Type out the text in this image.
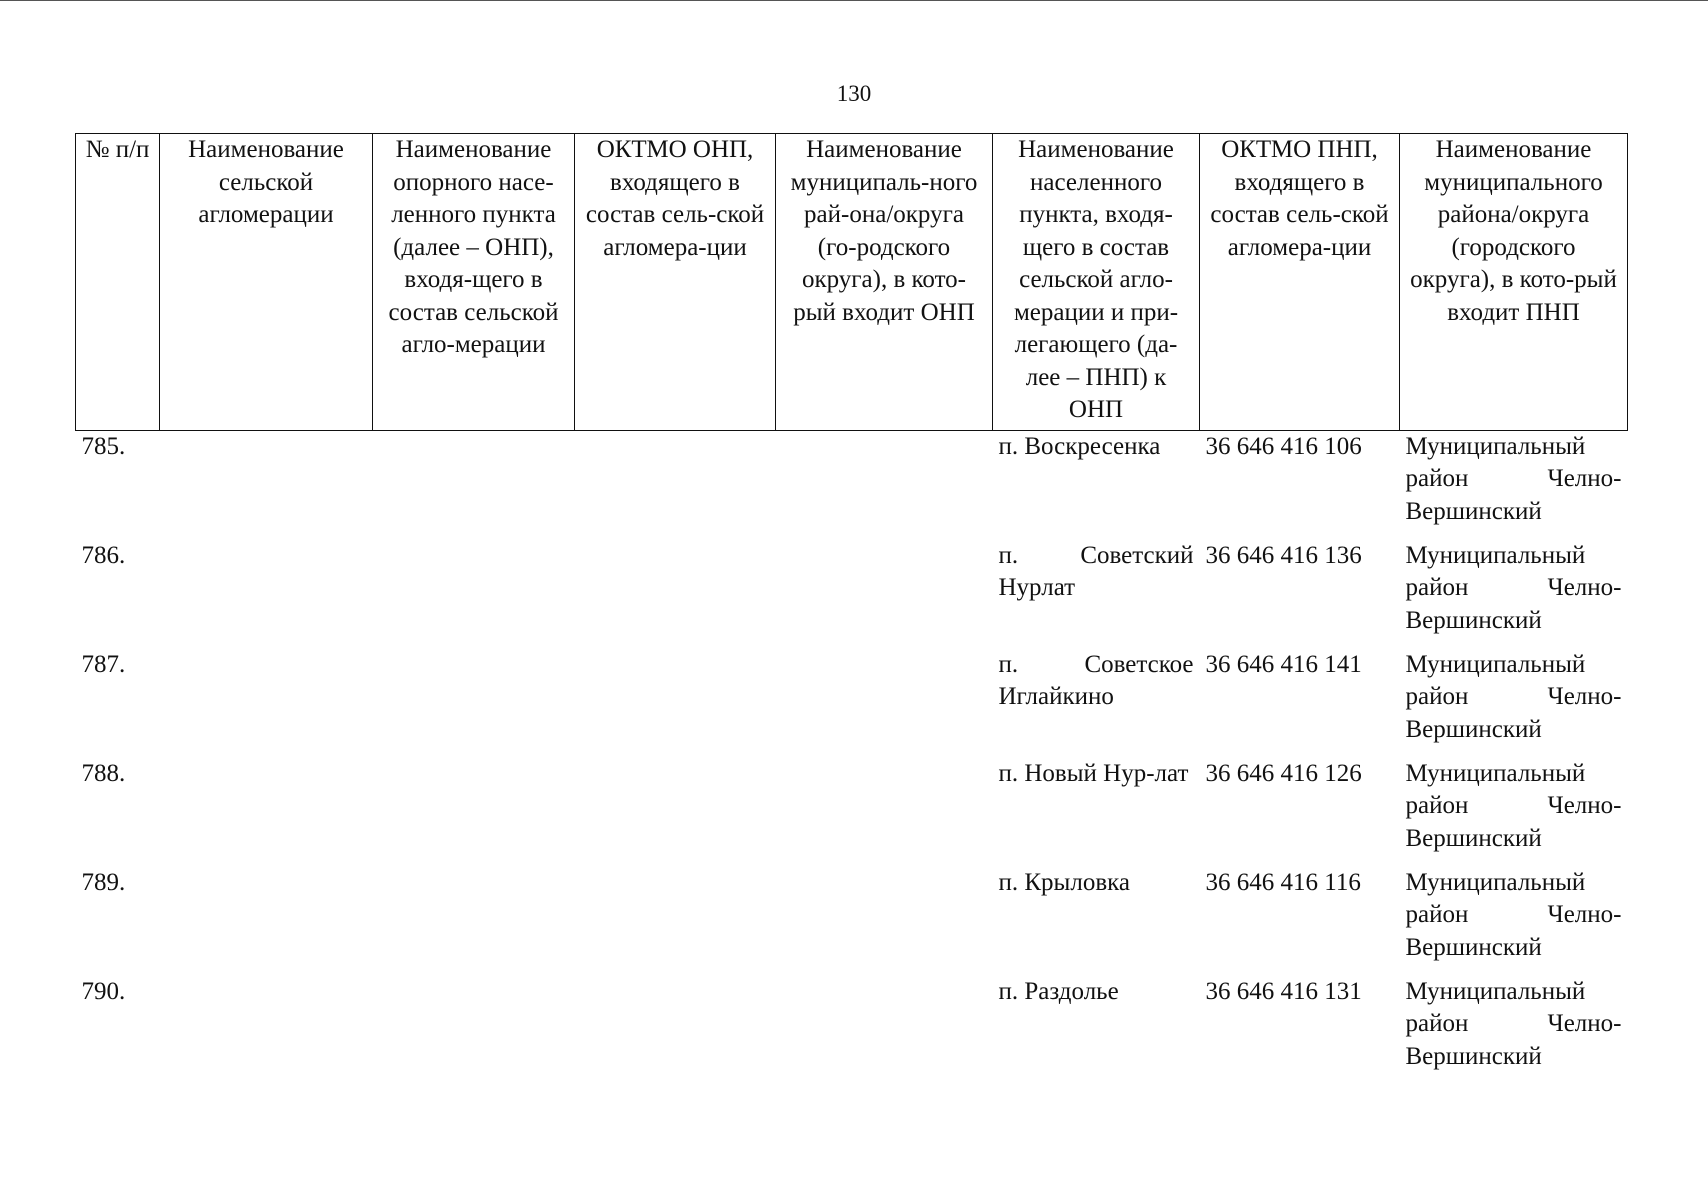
130
№ п/п	Наименование сельской агломерации	Наименование опорного насе-ленного пункта (далее – ОНП), входя-щего в состав сельской агло-мерации	ОКТМО ОНП, входящего в состав сель-ской агломера-ции	Наименование муниципаль-ного рай-она/округа (го-родского округа), в кото-рый входит ОНП	Наименование населенного пункта, входя-щего в состав сельской агло-мерации и при-легающего (да-лее – ПНП) к ОНП	ОКТМО ПНП, входящего в состав сель-ской агломера-ции	Наименование муниципального района/округа (городского округа), в кото-рый входит ПНП
785.					п. Воскресенка	36 646 416 106	Муниципальный район Челно-Вершинский
786.					п. Советский Нурлат	36 646 416 136	Муниципальный район Челно-Вершинский
787.					п. Советское Иглайкино	36 646 416 141	Муниципальный район Челно-Вершинский
788.					п. Новый Нур-лат	36 646 416 126	Муниципальный район Челно-Вершинский
789.					п. Крыловка	36 646 416 116	Муниципальный район Челно-Вершинский
790.					п. Раздолье	36 646 416 131	Муниципальный район Челно-Вершинский
